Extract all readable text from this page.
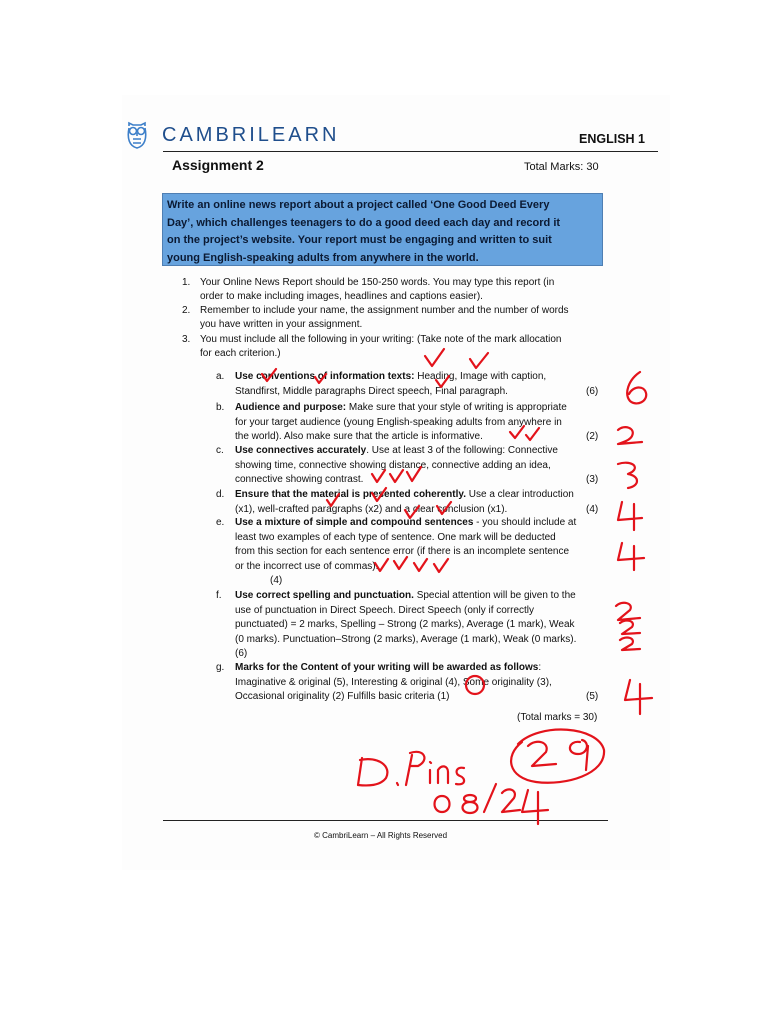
CAMBRILEARN	ENGLISH 1
Assignment 2	Total Marks: 30
Write an online news report about a project called ‘One Good Deed Every
Day’, which challenges teenagers to do a good deed each day and record it
on the project’s website. Your report must be engaging and written to suit
young English-speaking adults from anywhere in the world.
1. Your Online News Report should be 150-250 words. You may type this report (in
order to make including images, headlines and captions easier).
2. Remember to include your name, the assignment number and the number of words
you have written in your assignment.
3. You must include all the following in your writing: (Take note of the mark allocation
for each criterion.)
a. Use conventions of information texts: Heading, Image with caption,
Standfirst, Middle paragraphs Direct speech, Final paragraph.	(6)
b. Audience and purpose: Make sure that your style of writing is appropriate
for your target audience (young English-speaking adults from anywhere in
the world). Also make sure that the article is informative.	(2)
c. Use connectives accurately. Use at least 3 of the following: Connective
showing time, connective showing distance, connective adding an idea,
connective showing contrast.	(3)
d. Ensure that the material is presented coherently. Use a clear introduction
(x1), well-crafted paragraphs (x2) and a clear conclusion (x1).	(4)
e. Use a mixture of simple and compound sentences - you should include at
least two examples of each type of sentence. One mark will be deducted
from this section for each sentence error (if there is an incomplete sentence
or the incorrect use of commas).
(4)
f. Use correct spelling and punctuation. Special attention will be given to the
use of punctuation in Direct Speech. Direct Speech (only if correctly
punctuated) = 2 marks, Spelling – Strong (2 marks), Average (1 mark), Weak
(0 marks). Punctuation–Strong (2 marks), Average (1 mark), Weak (0 marks).
(6)
g. Marks for the Content of your writing will be awarded as follows:
Imaginative & original (5), Interesting & original (4), Some originality (3),
Occasional originality (2) Fulfills basic criteria (1)	(5)
(Total marks = 30)
© CambriLearn – All Rights Reserved
